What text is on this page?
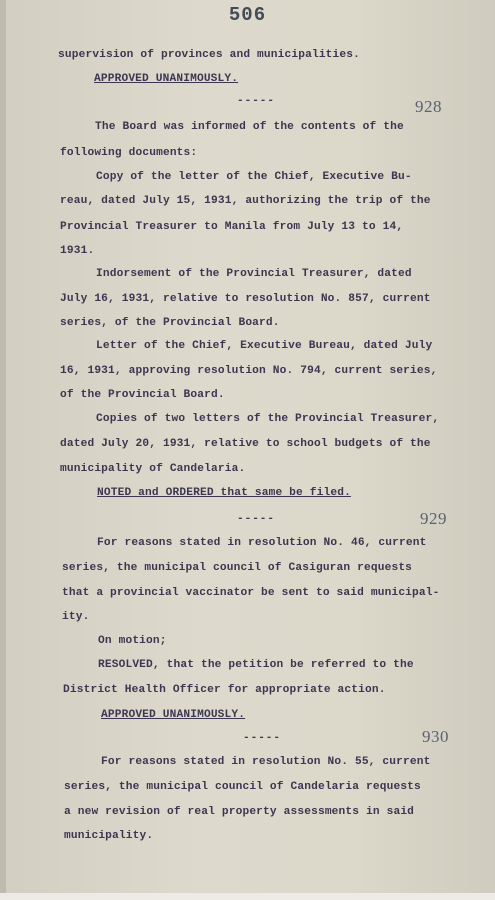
506
supervision of provinces and municipalities.
APPROVED UNANIMOUSLY.
-----	928
The Board was informed of the contents of the
following documents:
Copy of the letter of the Chief, Executive Bu-
reau, dated July 15, 1931, authorizing the trip of the
Provincial Treasurer to Manila from July 13 to 14,
1931.
Indorsement of the Provincial Treasurer, dated
July 16, 1931, relative to resolution No. 857, current
series, of the Provincial Board.
Letter of the Chief, Executive Bureau, dated July
16, 1931, approving resolution No. 794, current series,
of the Provincial Board.
Copies of two letters of the Provincial Treasurer,
dated July 20, 1931, relative to school budgets of the
municipality of Candelaria.
NOTED and ORDERED that same be filed.
-----	929
For reasons stated in resolution No. 46, current
series, the municipal council of Casiguran requests
that a provincial vaccinator be sent to said municipal-
ity.
On motion;
RESOLVED, that the petition be referred to the
District Health Officer for appropriate action.
APPROVED UNANIMOUSLY.
-----	930
For reasons stated in resolution No. 55, current
series, the municipal council of Candelaria requests
a new revision of real property assessments in said
municipality.
